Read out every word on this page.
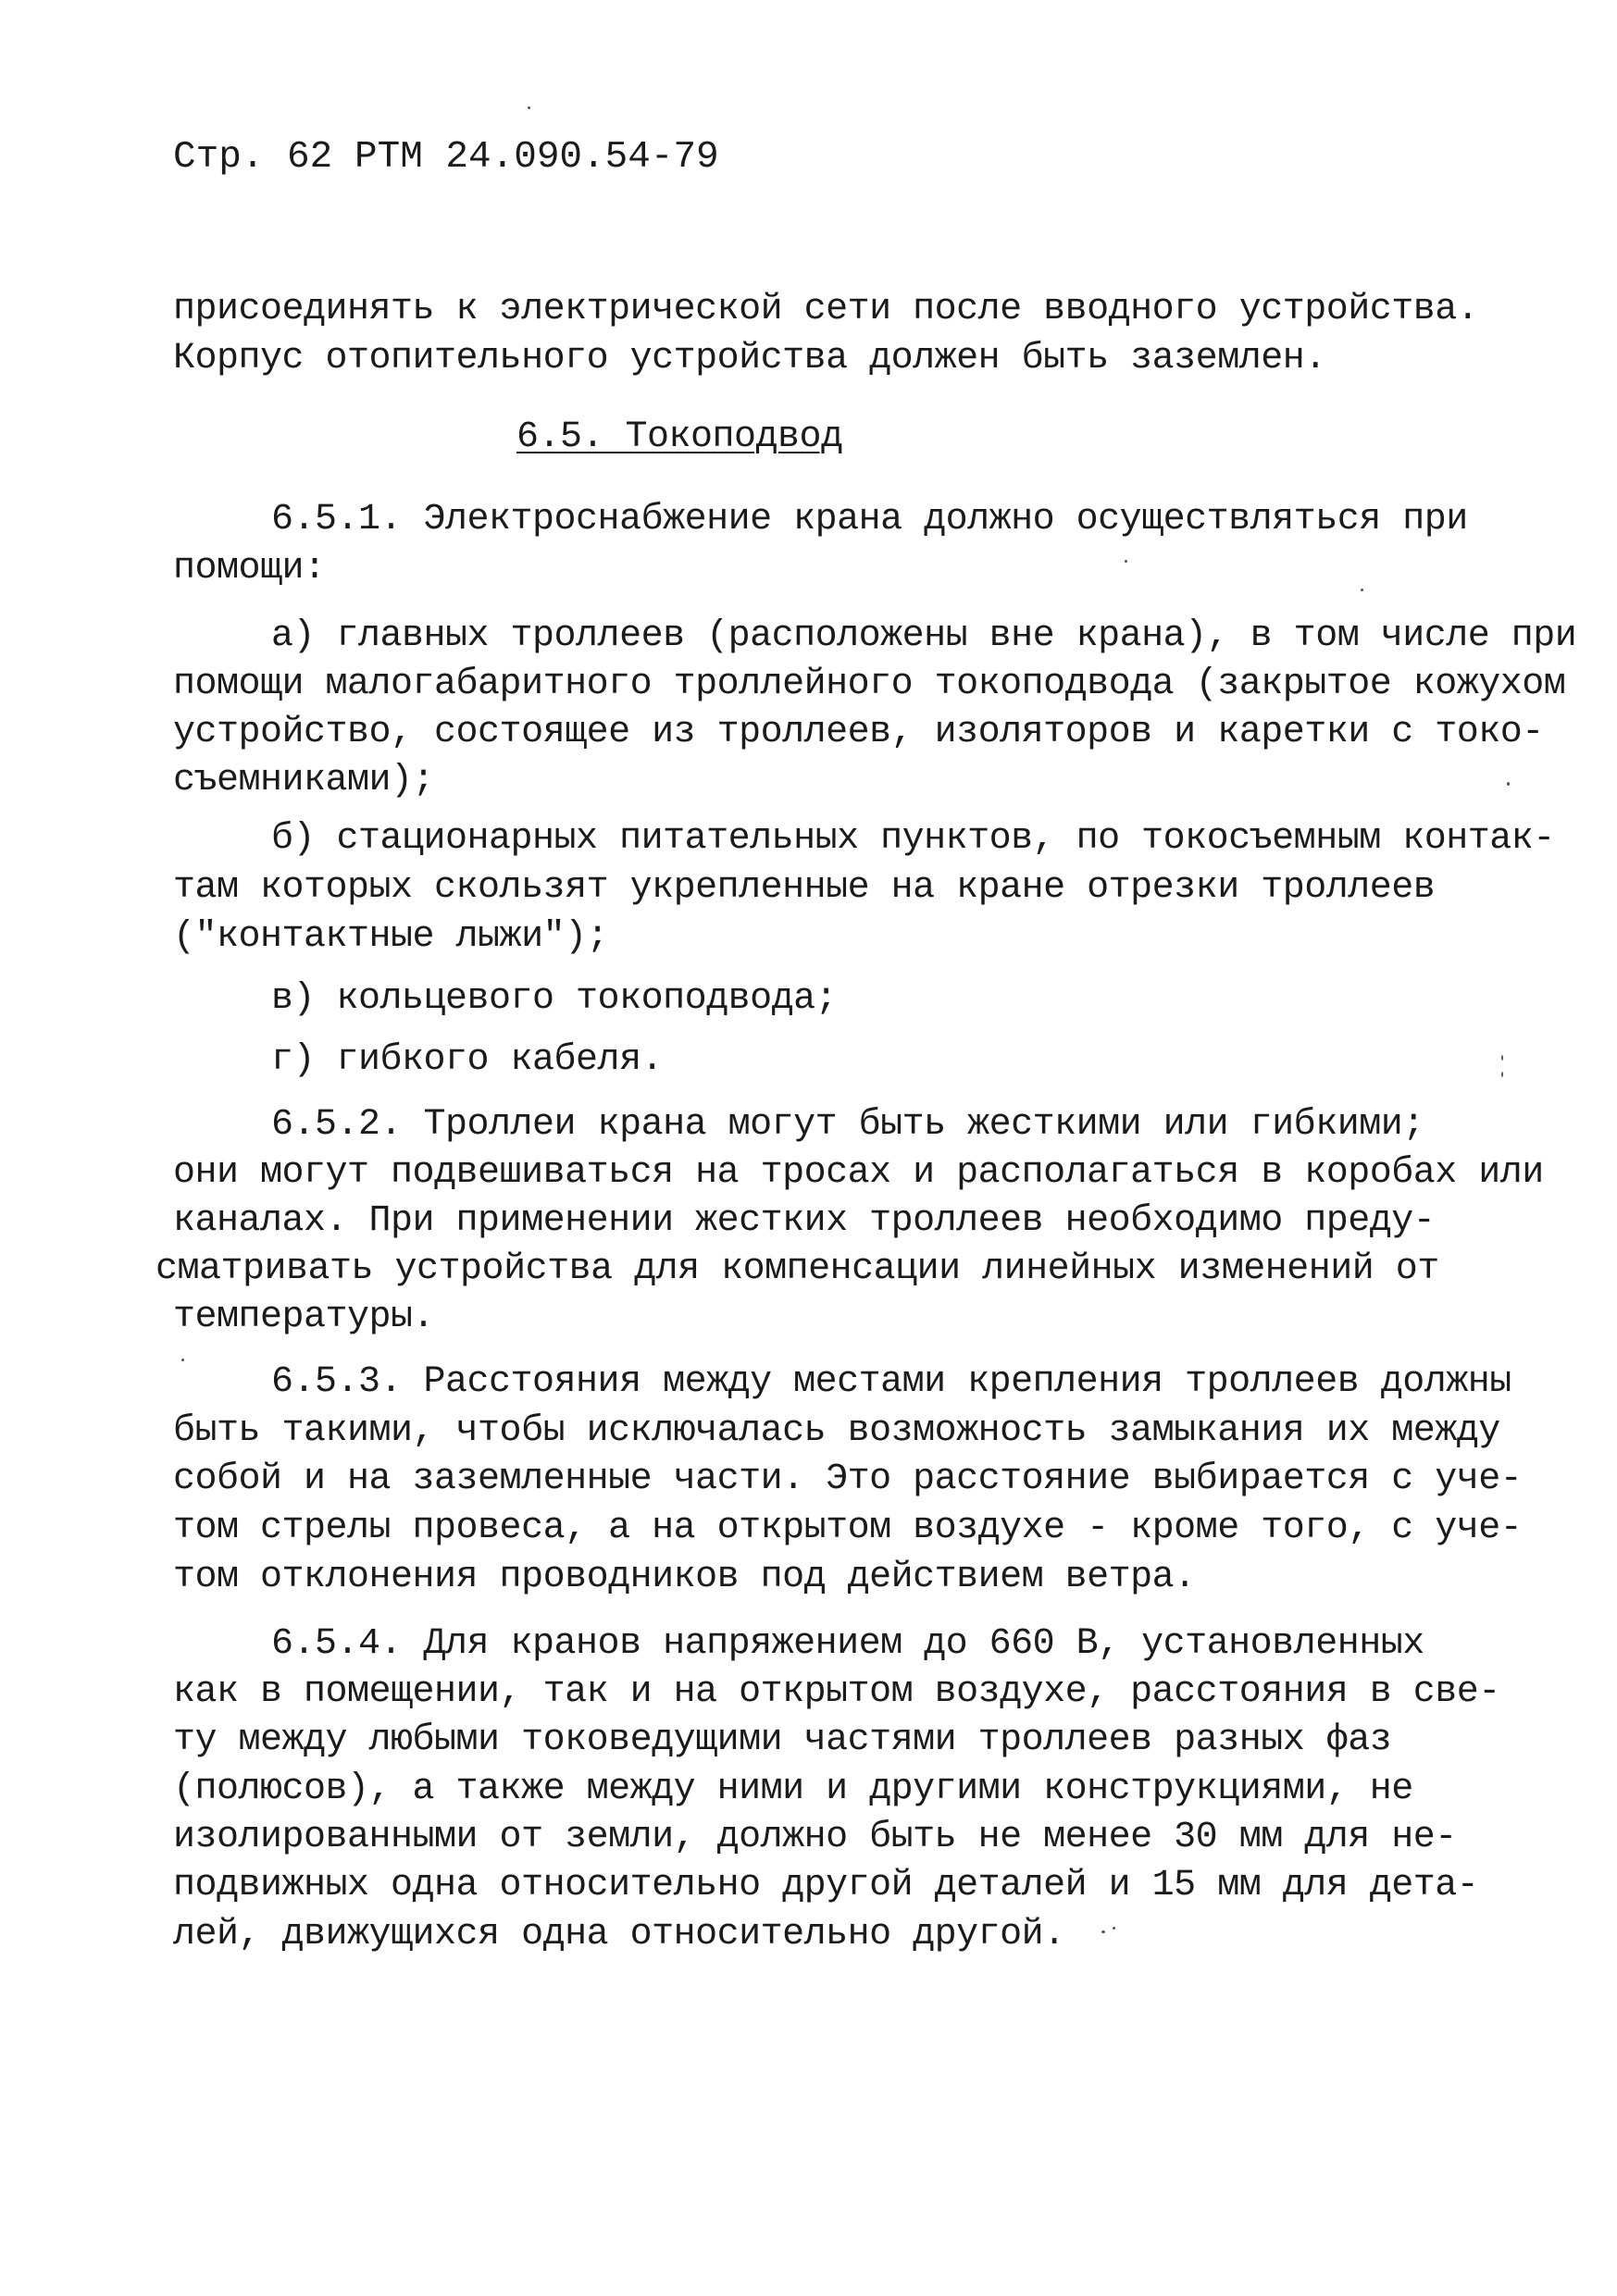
Стр. 62 РТМ 24.090.54-79
присоединять к электрической сети после вводного устройства.
Корпус отопительного устройства должен быть заземлен.
6.5. Токоподвод
6.5.1. Электроснабжение крана должно осуществляться при
помощи:
а) главных троллеев (расположены вне крана), в том числе при
помощи малогабаритного троллейного токоподвода (закрытое кожухом
устройство, состоящее из троллеев, изоляторов и каретки с токо-
съемниками);
б) стационарных питательных пунктов, по токосъемным контак-
там которых скользят укрепленные на кране отрезки троллеев
("контактные лыжи");
в) кольцевого токоподвода;
г) гибкого кабеля.
6.5.2. Троллеи крана могут быть жесткими или гибкими;
они могут подвешиваться на тросах и располагаться в коробах или
каналах. При применении жестких троллеев необходимо преду-
сматривать устройства для компенсации линейных изменений от
температуры.
6.5.3. Расстояния между местами крепления троллеев должны
быть такими, чтобы исключалась возможность замыкания их между
собой и на заземленные части. Это расстояние выбирается с уче-
том стрелы провеса, а на открытом воздухе - кроме того, с уче-
том отклонения проводников под действием ветра.
6.5.4. Для кранов напряжением до 660 В, установленных
как в помещении, так и на открытом воздухе, расстояния в све-
ту между любыми токоведущими частями троллеев разных фаз
(полюсов), а также между ними и другими конструкциями, не
изолированными от земли, должно быть не менее 30 мм для не-
подвижных одна относительно другой деталей и 15 мм для дета-
лей, движущихся одна относительно другой.
